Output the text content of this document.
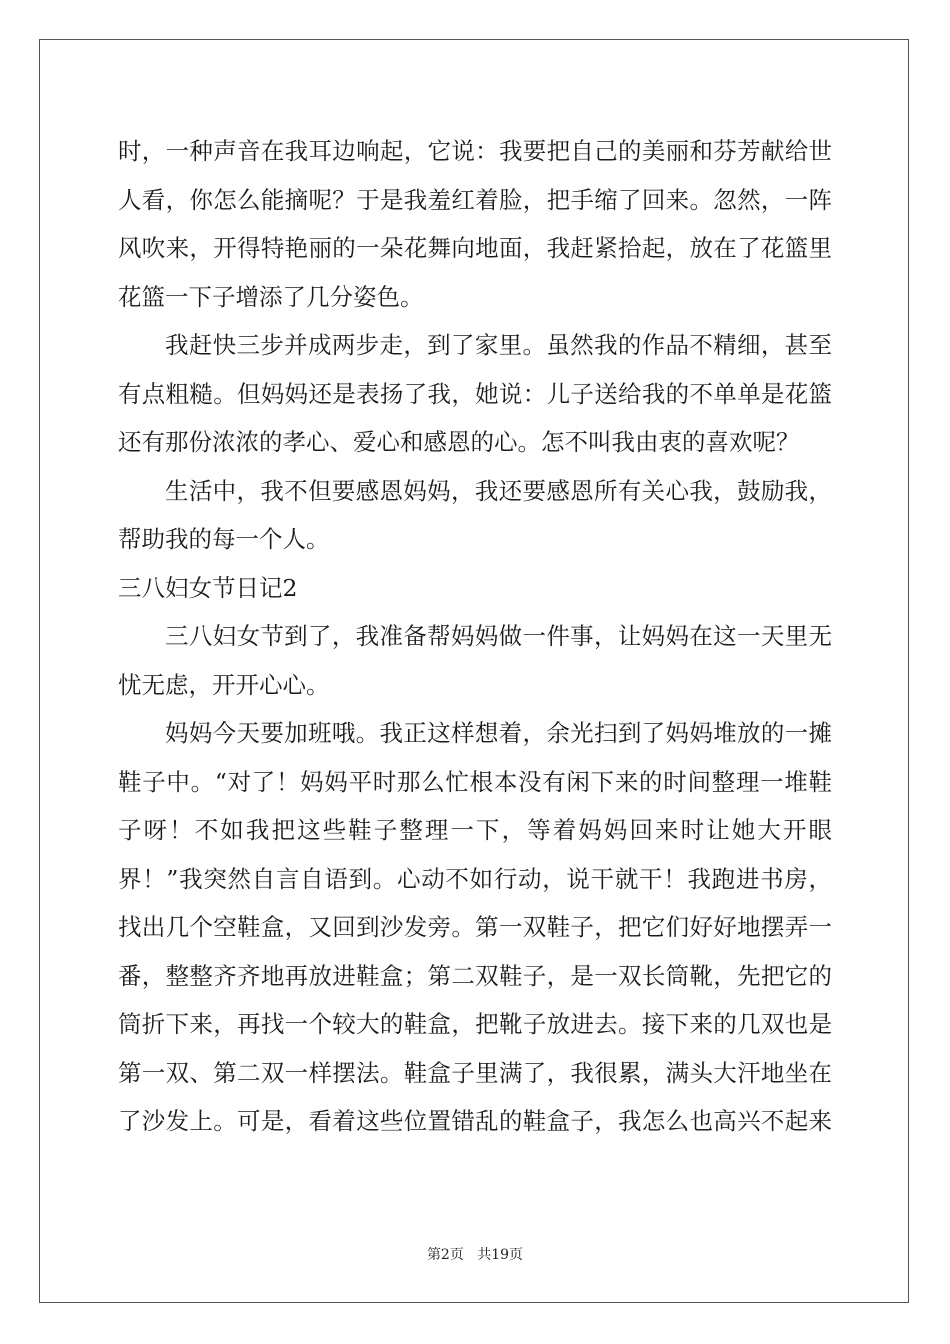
时，一种声音在我耳边响起，它说：我要把自己的美丽和芬芳献给世
人看，你怎么能摘呢？于是我羞红着脸，把手缩了回来。忽然，一阵
风吹来，开得特艳丽的一朵花舞向地面，我赶紧拾起，放在了花篮里
花篮一下子增添了几分姿色。
我赶快三步并成两步走，到了家里。虽然我的作品不精细，甚至
有点粗糙。但妈妈还是表扬了我，她说：儿子送给我的不单单是花篮
还有那份浓浓的孝心、爱心和感恩的心。怎不叫我由衷的喜欢呢？
生活中，我不但要感恩妈妈，我还要感恩所有关心我，鼓励我，
帮助我的每一个人。
三八妇女节日记2
三八妇女节到了，我准备帮妈妈做一件事，让妈妈在这一天里无
忧无虑，开开心心。
妈妈今天要加班哦。我正这样想着，余光扫到了妈妈堆放的一摊
鞋子中。“对了！妈妈平时那么忙根本没有闲下来的时间整理一堆鞋
子呀！不如我把这些鞋子整理一下，等着妈妈回来时让她大开眼
界！”我突然自言自语到。心动不如行动，说干就干！我跑进书房，
找出几个空鞋盒，又回到沙发旁。第一双鞋子，把它们好好地摆弄一
番，整整齐齐地再放进鞋盒；第二双鞋子，是一双长筒靴，先把它的
筒折下来，再找一个较大的鞋盒，把靴子放进去。接下来的几双也是
第一双、第二双一样摆法。鞋盒子里满了，我很累，满头大汗地坐在
了沙发上。可是，看着这些位置错乱的鞋盒子，我怎么也高兴不起来
第2页 共19页
